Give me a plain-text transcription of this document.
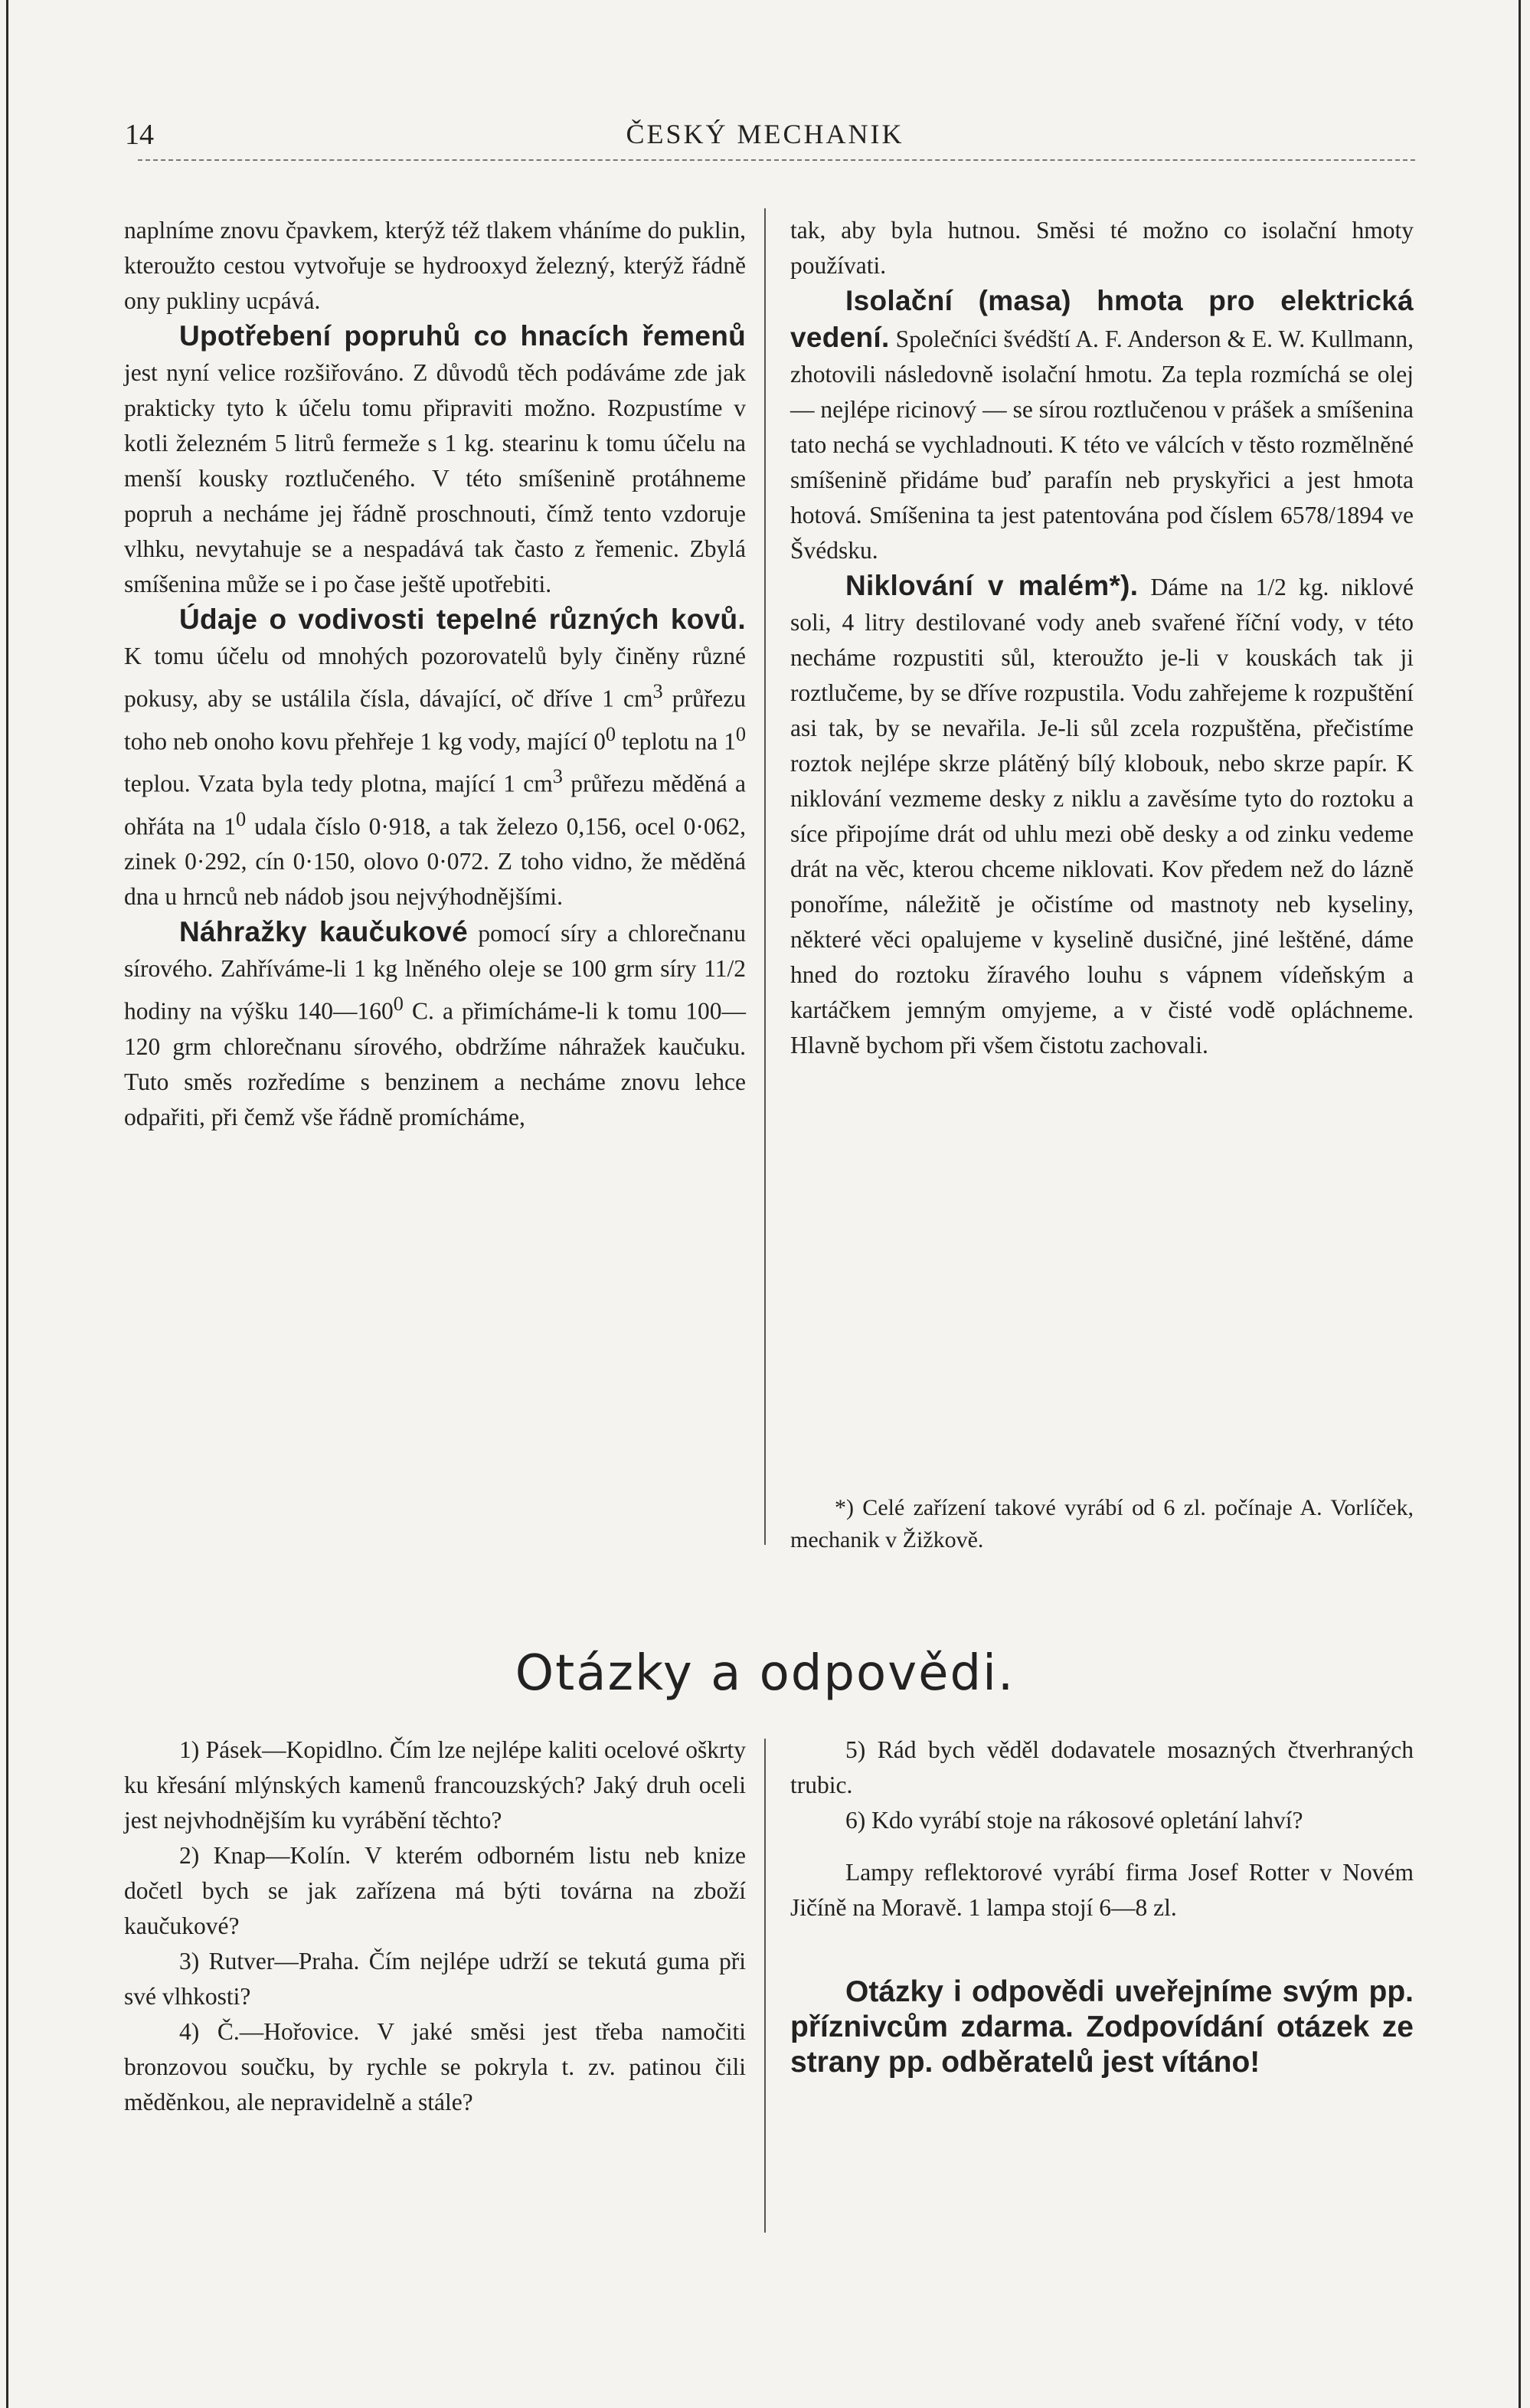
14	ČESKÝ MECHANIK

naplníme znovu čpavkem, kterýž též tlakem vháníme do puklin, kteroužto cestou vytvořuje se hydrooxyd železný, kterýž řádně ony pukliny ucpává.

Upotřebení popruhů co hnacích řemenů jest nyní velice rozšiřováno. Z důvodů těch podáváme zde jak prakticky tyto k účelu tomu připraviti možno. Rozpustíme v kotli železném 5 litrů fermeže s 1 kg. stearinu k tomu účelu na menší kousky roztlučeného. V této smíšenině protáhneme popruh a necháme jej řádně proschnouti, čímž tento vzdoruje vlhku, nevytahuje se a nespadává tak často z řemenic. Zbylá smíšenina může se i po čase ještě upotřebiti.

Údaje o vodivosti tepelné různých kovů. K tomu účelu od mnohých pozorovatelů byly činěny různé pokusy, aby se ustálila čísla, dávající, oč dříve 1 $cm^3$ průřezu toho neb onoho kovu přehřeje 1 kg vody, mající $0^0$ teplotu na $1^0$ teplou. Vzata byla tedy plotna, mající 1 $cm^3$ průřezu měděná a ohřáta na $1^0$ udala číslo 0·918, a tak železo 0,156, ocel 0·062, zinek 0·292, cín 0·150, olovo 0·072. Z toho vidno, že měděná dna u hrnců neb nádob jsou nejvýhodnějšími.

Náhražky kaučukové pomocí síry a chlorečnanu sírového. Zahříváme-li 1 kg lněného oleje se 100 grm síry 11/2 hodiny na výšku $140—160^0$ C. a přimícháme-li k tomu 100—120 grm chlorečnanu sírového, obdržíme náhražek kaučuku. Tuto směs rozředíme s benzinem a necháme znovu lehce odpařiti, při čemž vše řádně promícháme,

tak, aby byla hutnou. Směsi té možno co isolační hmoty používati.

Isolační (masa) hmota pro elektrická vedení. Společníci švédští A. F. Anderson & E. W. Kullmann, zhotovili následovně isolační hmotu. Za tepla rozmíchá se olej — nejlépe ricinový — se sírou roztlučenou v prášek a smíšenina tato nechá se vychladnouti. K této ve válcích v těsto rozmělněné smíšenině přidáme buď parafín neb pryskyřici a jest hmota hotová. Smíšenina ta jest patentována pod číslem 6578/1894 ve Švédsku.

Niklování v malém*). Dáme na 1/2 kg. niklové soli, 4 litry destilované vody aneb svařené říční vody, v této necháme rozpustiti sůl, kteroužto je-li v kouskách tak ji roztlučeme, by se dříve rozpustila. Vodu zahřejeme k rozpuštění asi tak, by se nevařila. Je-li sůl zcela rozpuštěna, přečistíme roztok nejlépe skrze plátěný bílý klobouk, nebo skrze papír. K niklování vezmeme desky z niklu a zavěsíme tyto do roztoku a síce připojíme drát od uhlu mezi obě desky a od zinku vedeme drát na věc, kterou chceme niklovati. Kov předem než do lázně ponoříme, náležitě je očistíme od mastnoty neb kyseliny, některé věci opalujeme v kyselině dusičné, jiné leštěné, dáme hned do roztoku žíravého louhu s vápnem vídeňským a kartáčkem jemným omyjeme, a v čisté vodě opláchneme. Hlavně bychom při všem čistotu zachovali.

*) Celé zařízení takové vyrábí od 6 zl. počínaje A. Vorlíček, mechanik v Žižkově.

Otázky a odpovědi.

1) Pásek—Kopidlno. Čím lze nejlépe kaliti ocelové oškrty ku křesání mlýnských kamenů francouzských? Jaký druh oceli jest nejvhodnějším ku vyrábění těchto?

2) Knap—Kolín. V kterém odborném listu neb knize dočetl bych se jak zařízena má býti továrna na zboží kaučukové?

3) Rutver—Praha. Čím nejlépe udrží se tekutá guma při své vlhkosti?

4) Č.—Hořovice. V jaké směsi jest třeba namočiti bronzovou součku, by rychle se pokryla t. zv. patinou čili měděnkou, ale nepravidelně a stále?

5) Rád bych věděl dodavatele mosazných čtverhraných trubic.

6) Kdo vyrábí stoje na rákosové opletání lahví?

Lampy reflektorové vyrábí firma Josef Rotter v Novém Jičíně na Moravě. 1 lampa stojí 6—8 zl.

Otázky i odpovědi uveřejníme svým pp. příznivcům zdarma. Zodpovídání otázek ze strany pp. odběratelů jest vítáno!
